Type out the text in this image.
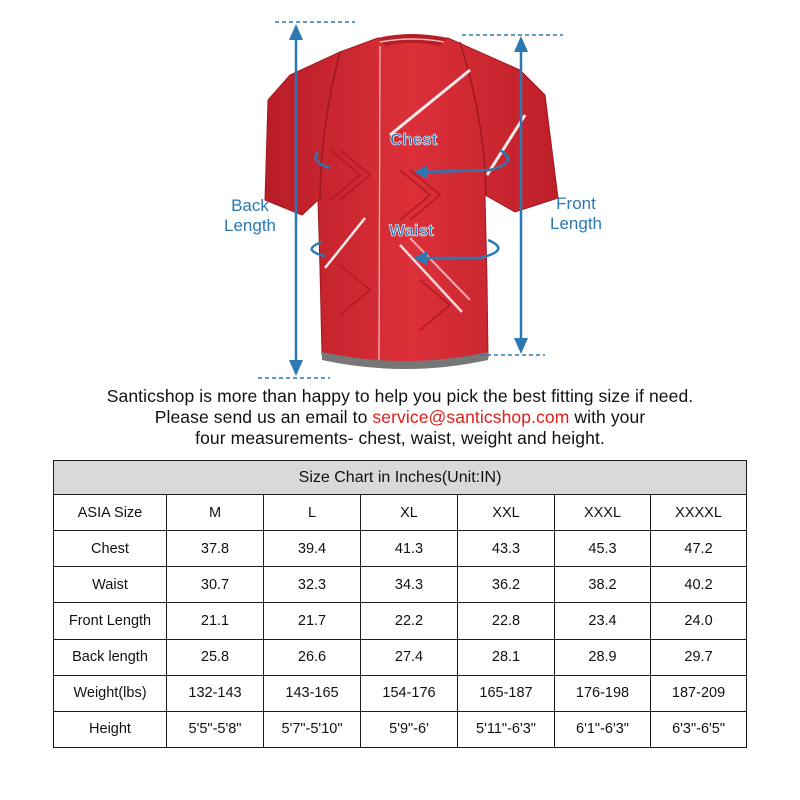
Chest
Waist
Back
Length
Front
Length
Santicshop is more than happy to help you pick the best fitting size if need.
Please send us an email to service@santicshop.com with your
four measurements- chest, waist, weight and height.
Size Chart in Inches(Unit:IN)						
ASIA Size	M	L	XL	XXL	XXXL	XXXXL
Chest	37.8	39.4	41.3	43.3	45.3	47.2
Waist	30.7	32.3	34.3	36.2	38.2	40.2
Front Length	21.1	21.7	22.2	22.8	23.4	24.0
Back length	25.8	26.6	27.4	28.1	28.9	29.7
Weight(lbs)	132-143	143-165	154-176	165-187	176-198	187-209
Height	5'5"-5'8"	5'7"-5'10"	5'9"-6'	5'11"-6'3"	6'1"-6'3"	6'3"-6'5"
